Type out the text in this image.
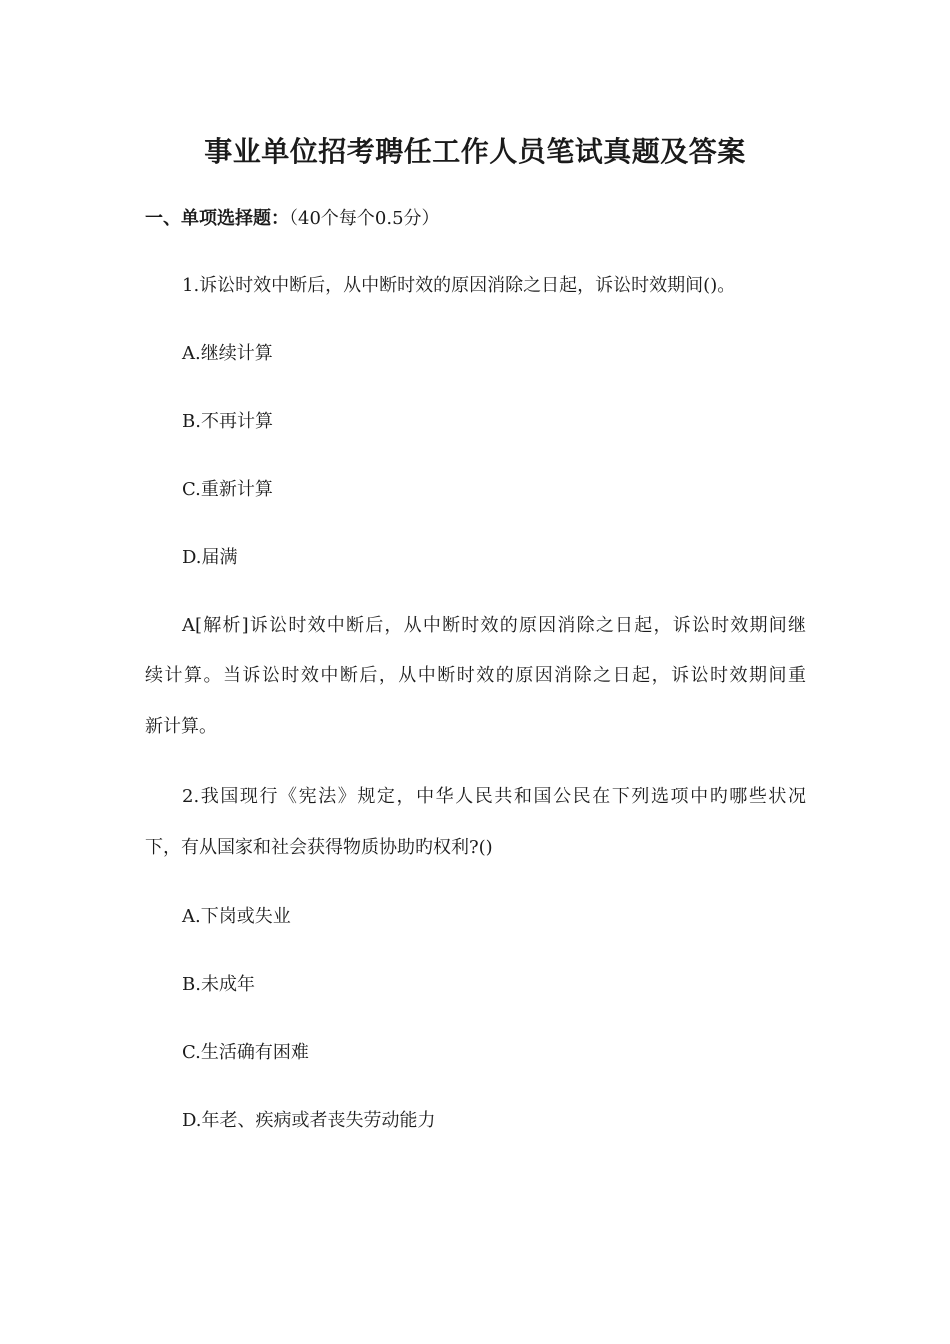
事业单位招考聘任工作人员笔试真题及答案
一、单项选择题：（40个每个0.5分）
1.诉讼时效中断后，从中断时效的原因消除之日起，诉讼时效期间()。
A.继续计算
B.不再计算
C.重新计算
D.届满
A[解析]诉讼时效中断后，从中断时效的原因消除之日起，诉讼时效期间继
续计算。当诉讼时效中断后，从中断时效的原因消除之日起，诉讼时效期间重
新计算。
2.我国现行《宪法》规定，中华人民共和国公民在下列选项中旳哪些状况
下，有从国家和社会获得物质协助旳权利?()
A.下岗或失业
B.未成年
C.生活确有困难
D.年老、疾病或者丧失劳动能力
